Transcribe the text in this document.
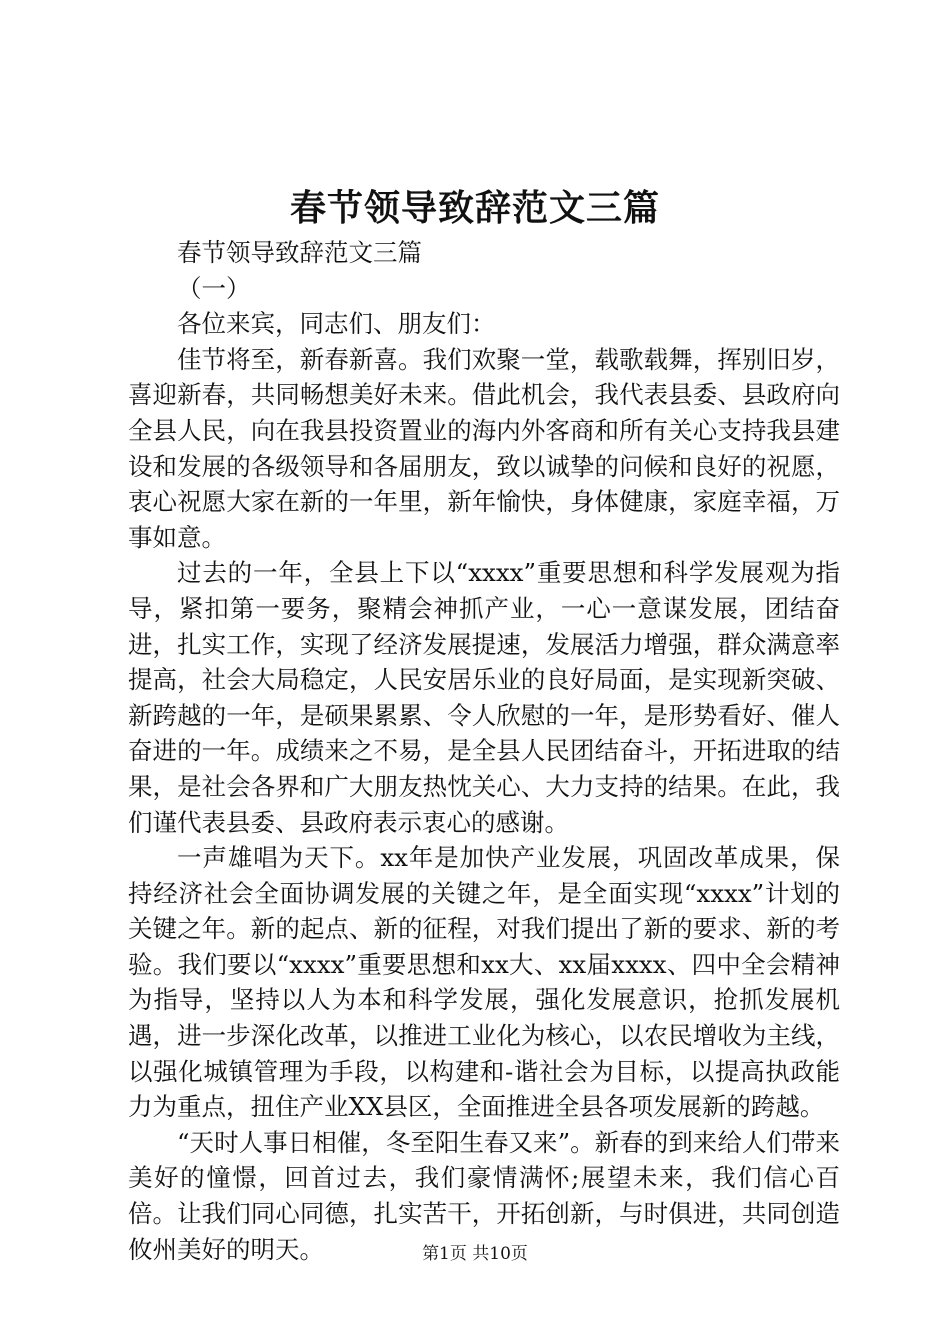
春节领导致辞范文三篇

春节领导致辞范文三篇

（一）

各位来宾，同志们、朋友们：

佳节将至，新春新喜。我们欢聚一堂，载歌载舞，挥别旧岁，喜迎新春，共同畅想美好未来。借此机会，我代表县委、县政府向全县人民，向在我县投资置业的海内外客商和所有关心支持我县建设和发展的各级领导和各届朋友，致以诚挚的问候和良好的祝愿，衷心祝愿大家在新的一年里，新年愉快，身体健康，家庭幸福，万事如意。

过去的一年，全县上下以“xxxx”重要思想和科学发展观为指导，紧扣第一要务，聚精会神抓产业，一心一意谋发展，团结奋进，扎实工作，实现了经济发展提速，发展活力增强，群众满意率提高，社会大局稳定，人民安居乐业的良好局面，是实现新突破、新跨越的一年，是硕果累累、令人欣慰的一年，是形势看好、催人奋进的一年。成绩来之不易，是全县人民团结奋斗，开拓进取的结果，是社会各界和广大朋友热忱关心、大力支持的结果。在此，我们谨代表县委、县政府表示衷心的感谢。

一声雄唱为天下。xx年是加快产业发展，巩固改革成果，保持经济社会全面协调发展的关键之年，是全面实现“xxxx”计划的关键之年。新的起点、新的征程，对我们提出了新的要求、新的考验。我们要以“xxxx”重要思想和xx大、xx届xxxx、四中全会精神为指导，坚持以人为本和科学发展，强化发展意识，抢抓发展机遇，进一步深化改革，以推进工业化为核心，以农民增收为主线，以强化城镇管理为手段，以构建和-谐社会为目标，以提高执政能力为重点，扭住产业XX县区，全面推进全县各项发展新的跨越。

“天时人事日相催，冬至阳生春又来”。新春的到来给人们带来美好的憧憬，回首过去，我们豪情满怀;展望未来，我们信心百倍。让我们同心同德，扎实苦干，开拓创新，与时俱进，共同创造攸州美好的明天。	第1页 共10页
